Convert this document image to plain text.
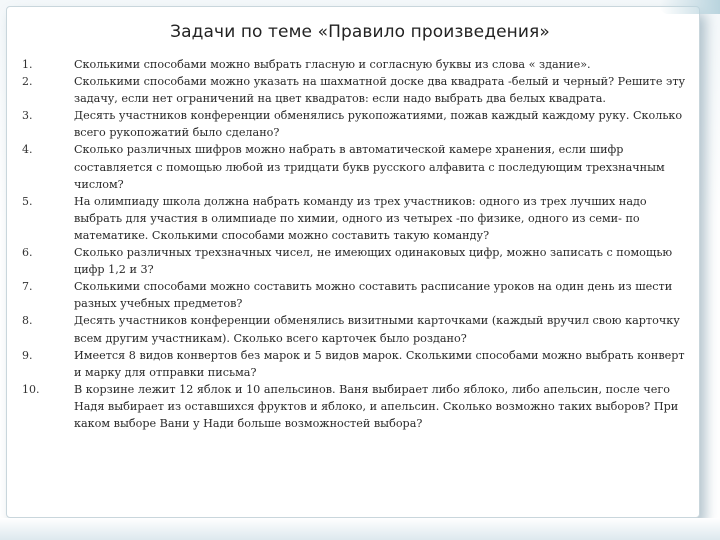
Задачи по теме «Правило произведения»
1.	Сколькими способами можно выбрать гласную и согласную буквы из слова « здание».
2.	Сколькими способами можно указать на шахматной доске два квадрата -белый и черный? Решите эту задачу, если нет ограничений на цвет квадратов: если надо выбрать два белых квадрата.
3.	Десять участников конференции обменялись рукопожатиями, пожав каждый каждому руку. Сколько всего рукопожатий было сделано?
4.	Сколько различных шифров можно набрать в автоматической камере хранения, если шифр составляется с помощью любой из тридцати букв русского алфавита с последующим трехзначным числом?
5.	На олимпиаду школа должна набрать команду из трех участников: одного из трех лучших надо выбрать для участия в олимпиаде по химии, одного из четырех -по физике, одного из семи- по математике. Сколькими способами можно составить такую команду?
6.	Сколько различных трехзначных чисел, не имеющих одинаковых цифр, можно записать с помощью цифр 1,2 и 3?
7.	Сколькими способами можно составить можно составить расписание уроков на один день из шести разных учебных предметов?
8.	Десять участников конференции обменялись визитными карточками (каждый вручил свою карточку всем другим участникам). Сколько всего карточек было роздано?
9.	Имеется 8 видов конвертов без марок и 5 видов марок. Сколькими способами можно выбрать конверт и марку для отправки письма?
10.	В корзине лежит 12 яблок и 10 апельсинов. Ваня выбирает либо яблоко, либо апельсин, после чего Надя выбирает из оставшихся фруктов и яблоко, и апельсин. Сколько возможно таких выборов? При каком выборе Вани у Нади больше возможностей выбора?
